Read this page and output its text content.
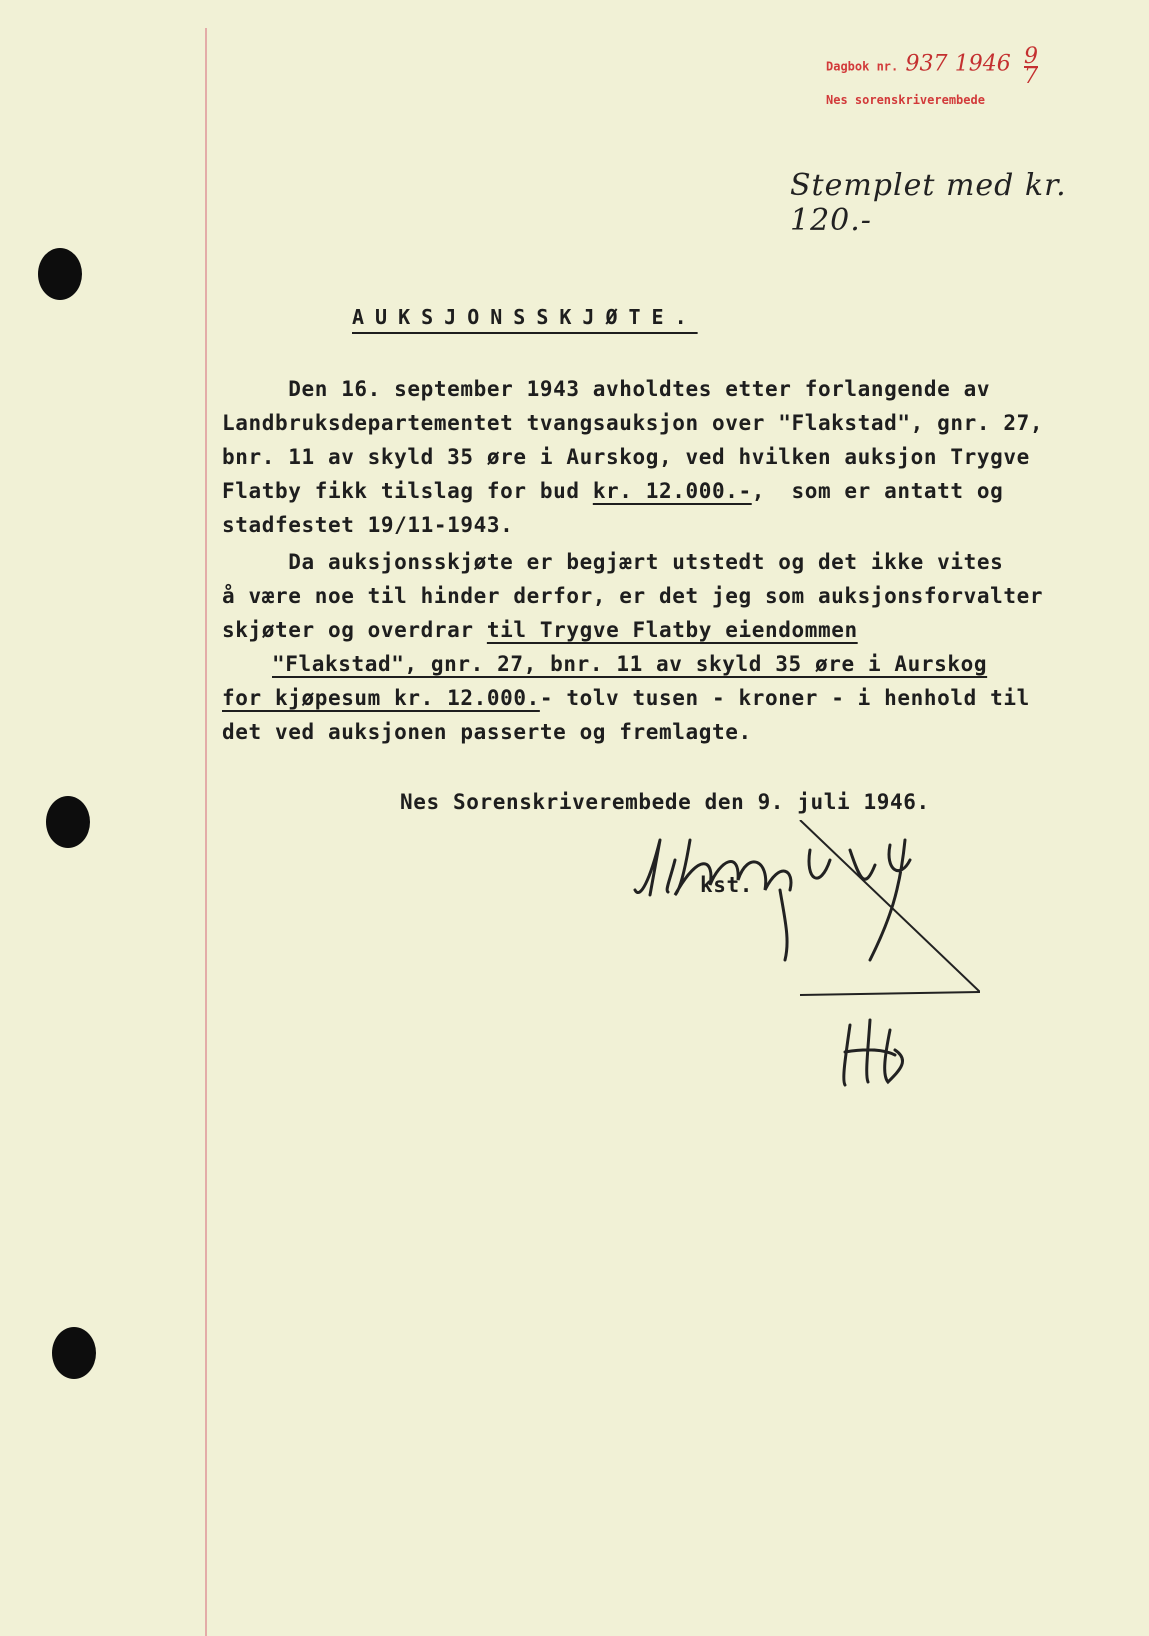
Dagbok nr. 937 $1946 \frac{9}{7}$
Nes sorenskriverembede
Stemplet med kr. 120.-
AUKSJONSSKJØTE.
Den 16. september 1943 avholdtes etter forlangende av
Landbruksdepartementet tvangsauksjon over "Flakstad", gnr. 27,
bnr. 11 av skyld 35 øre i Aurskog, ved hvilken auksjon Trygve
Flatby fikk tilslag for bud kr. 12.000.-,  som er antatt og
stadfestet 19/11-1943.
Da auksjonsskjøte er begjært utstedt og det ikke vites
å være noe til hinder derfor, er det jeg som auksjonsforvalter
skjøter og overdrar til Trygve Flatby eiendommen
"Flakstad", gnr. 27, bnr. 11 av skyld 35 øre i Aurskog
for kjøpesum kr. 12.000.- tolv tusen - kroner - i henhold til
det ved auksjonen passerte og fremlagte.
Nes Sorenskriverembede den 9. juli 1946.
kst.
